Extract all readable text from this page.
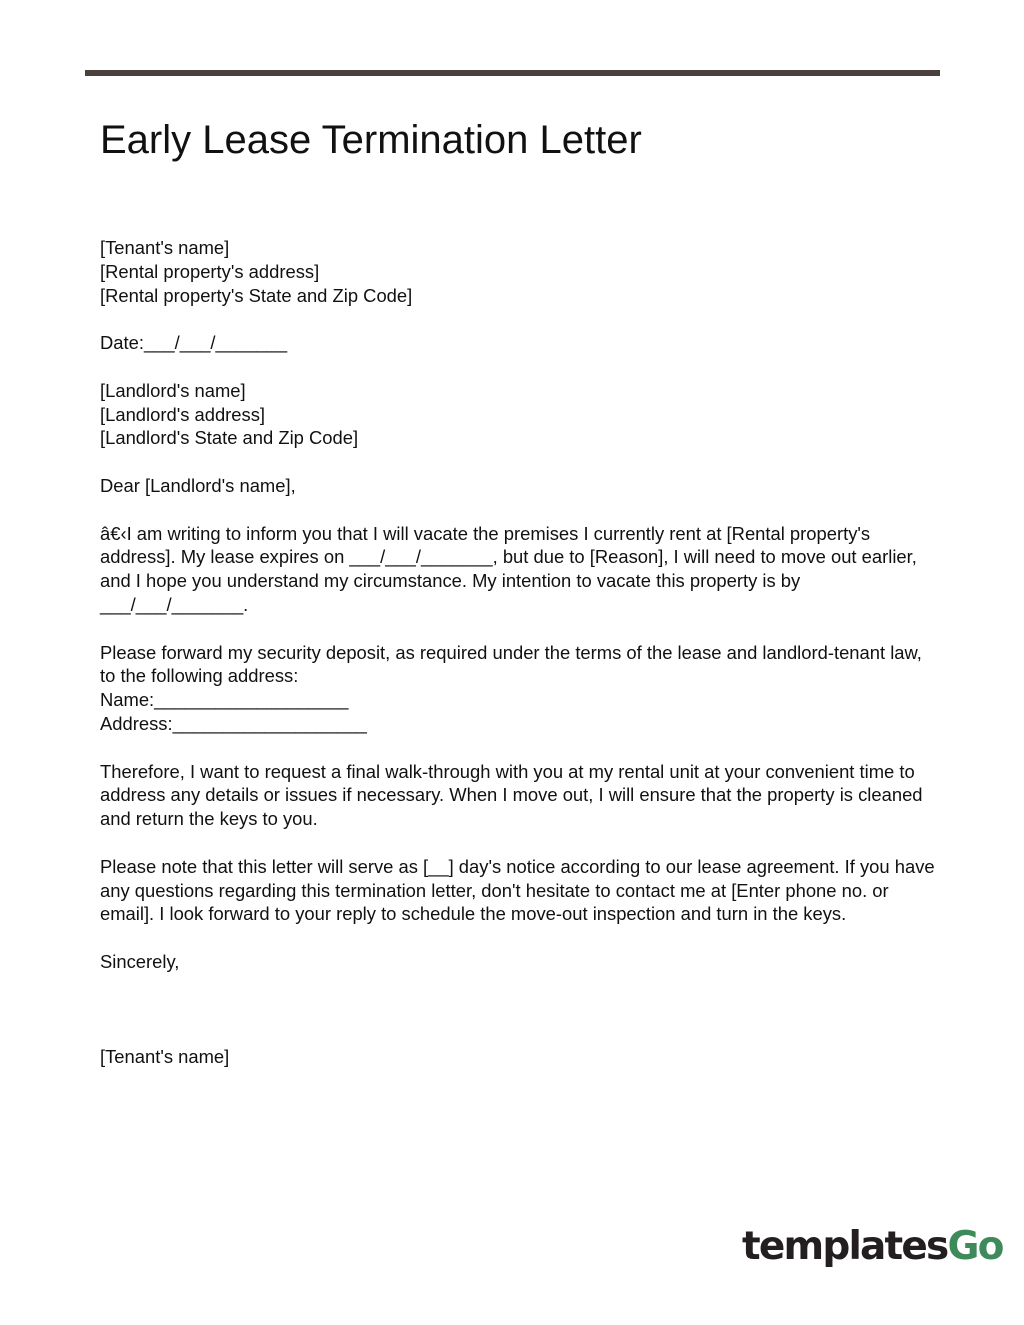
Early Lease Termination Letter
[Tenant's name]
[Rental property's address]
[Rental property's State and Zip Code]
Date:___/___/_______
[Landlord's name]
[Landlord's address]
[Landlord's State and Zip Code]
Dear [Landlord's name],

â€‹I am writing to inform you that I will vacate the premises I currently rent at [Rental property's address]. My lease expires on ___/___/_______, but due to [Reason], I will need to move out earlier, and I hope you understand my circumstance. My intention to vacate this property is by ___/___/_______.

Please forward my security deposit, as required under the terms of the lease and landlord-tenant law, to the following address:

Name:___________________
Address:___________________

Therefore, I want to request a final walk-through with you at my rental unit at your convenient time to address any details or issues if necessary. When I move out, I will ensure that the property is cleaned and return the keys to you.

Please note that this letter will serve as [__] day's notice according to our lease agreement. If you have any questions regarding this termination letter, don't hesitate to contact me at [Enter phone no. or email]. I look forward to your reply to schedule the move-out inspection and turn in the keys.

Sincerely,
[Tenant's name]
templatesGo
